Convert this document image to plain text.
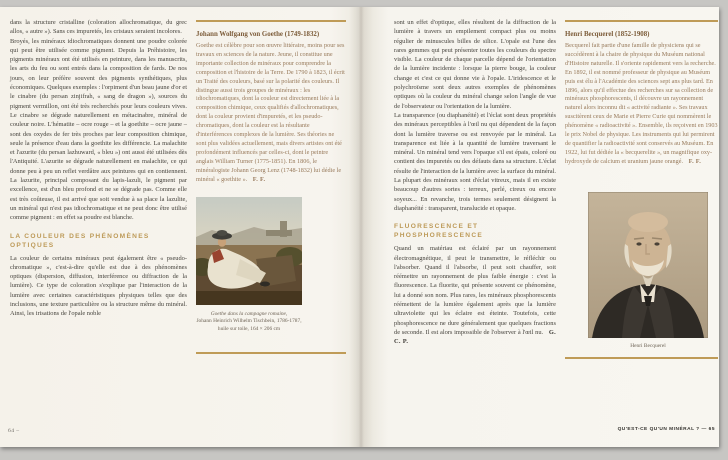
dans la structure cristalline (coloration allochromatique, du grec allos, « autre »). Sans ces impuretés, les cristaux seraient incolores.

Broyés, les minéraux idiochromatiques donnent une poudre colorée qui peut être utilisée comme pigment. Depuis la Préhistoire, les pigments minéraux ont été utilisés en peinture, dans les manuscrits, les arts du feu ou sont entrés dans la composition de fards. De nos jours, on leur préfère souvent des pigments synthétiques, plus économiques. Quelques exemples : l'orpiment d'un beau jaune d'or et le cinabre (du persan zinjifrah, « sang de dragon »), sources du pigment vermillon, ont été très recherchés pour leurs couleurs vives. Le cinabre se dégrade naturellement en métacinabre, minéral de couleur noire. L'hématite – ocre rouge – et la goethite – ocre jaune – sont des oxydes de fer très proches par leur composition chimique, seule la présence d'eau dans la goethite les différencie. La malachite et l'azurite (du persan lazhuward, « bleu ») ont aussi été utilisées dès l'Antiquité. L'azurite se dégrade naturellement en malachite, ce qui donne peu à peu un reflet verdâtre aux peintures qui en contiennent. La lazurite, principal composant du lapis-lazuli, le pigment par excellence, est d'un bleu profond et ne se dégrade pas. Comme elle est très coûteuse, il est arrivé que soit vendue à sa place la lazulite, un minéral qui n'est pas idiochromatique et ne peut donc être utilisé comme pigment : en effet sa poudre est blanche.

LA COULEUR DES PHÉNOMÈNES OPTIQUES

La couleur de certains minéraux peut également être « pseudo-chromatique », c'est-à-dire qu'elle est due à des phénomènes optiques (dispersion, diffusion, interférence ou diffraction de la lumière). Ce type de coloration s'explique par l'interaction de la lumière avec certaines caractéristiques physiques telles que des inclusions, une texture particulière ou la structure même du minéral. Ainsi, les irisations de l'opale noble

Johann Wolfgang von Goethe (1749-1832)

Goethe est célèbre pour son œuvre littéraire, moins pour ses travaux en sciences de la nature. Jeune, il constitue une importante collection de minéraux pour comprendre la composition et l'histoire de la Terre. De 1790 à 1823, il écrit un Traité des couleurs, basé sur la polarité des couleurs. Il distingue aussi trois groupes de minéraux : les idiochromatiques, dont la couleur est directement liée à la composition chimique, ceux qualifiés d'allochromatiques, dont la couleur provient d'impuretés, et les pseudo-chromatiques, dont la couleur est la résultante d'interférences complexes de la lumière. Ses théories ne sont plus validées actuellement, mais divers artistes ont été profondément influencés par celles-ci, dont le peintre anglais William Turner (1775-1851). En 1806, le minéralogiste Johann Georg Lenz (1748-1832) lui dédie le minéral « goethite ». F. F.

Goethe dans la campagne romaine,
Johann Heinrich Wilhelm Tischbein, 1786-1787,
huile sur toile, 164 × 206 cm

sont un effet d'optique, elles résultent de la diffraction de la lumière à travers un empilement compact plus ou moins régulier de minuscules billes de silice. L'opale est l'une des rares gemmes qui peut présenter toutes les couleurs du spectre visible. La couleur de chaque parcelle dépend de l'orientation de la lumière incidente : lorsque la pierre bouge, la couleur change et c'est ce qui donne vie à l'opale. L'iridescence et le polychroïsme sont deux autres exemples de phénomènes optiques où la couleur du minéral change selon l'angle de vue de l'observateur ou l'orientation de la lumière.

La transparence (ou diaphanéité) et l'éclat sont deux propriétés des minéraux perceptibles à l'œil nu qui dépendent de la façon dont la lumière traverse ou est renvoyée par le minéral. La transparence est liée à la quantité de lumière traversant le minéral. Un minéral tend vers l'opaque s'il est épais, coloré ou contient des impuretés ou des défauts dans sa structure. L'éclat résulte de l'interaction de la lumière avec la surface du minéral. La plupart des minéraux sont d'éclat vitreux, mais il en existe beaucoup d'autres sortes : terreux, perlé, cireux ou encore soyeux... En revanche, trois termes seulement désignent la diaphanéité : transparent, translucide et opaque.

FLUORESCENCE ET PHOSPHORESCENCE

Quand un matériau est éclairé par un rayonnement électromagnétique, il peut le transmettre, le réfléchir ou l'absorber. Quand il l'absorbe, il peut soit chauffer, soit réémettre un rayonnement de plus faible énergie : c'est la fluorescence. La fluorite, qui présente souvent ce phénomène, lui a donné son nom. Plus rares, les minéraux phosphorescents réémettent de la lumière également après que la lumière ultraviolette qui les éclaire est éteinte. Toutefois, cette phosphorescence ne dure généralement que quelques fractions de seconde. Il est alors impossible de l'observer à l'œil nu. G. C. P.

Henri Becquerel (1852-1908)

Becquerel fait partie d'une famille de physiciens qui se succédèrent à la chaire de physique du Muséum national d'Histoire naturelle. Il s'oriente rapidement vers la recherche. En 1892, il est nommé professeur de physique au Muséum puis est élu à l'Académie des sciences sept ans plus tard. En 1896, alors qu'il effectue des recherches sur sa collection de minéraux phosphorescents, il découvre un rayonnement naturel alors inconnu dit « activité radiante ». Ses travaux suscitèrent ceux de Marie et Pierre Curie qui nommèrent le phénomène « radioactivité ». Ensemble, ils reçoivent en 1903 le prix Nobel de physique. Les instruments qui lui permirent de quantifier la radioactivité sont conservés au Muséum. En 1922, lui fut dédiée la « becquerelite », un magnifique oxy-hydroxyde de calcium et uranium jaune orangé. F. F.

Henri Becquerel
64 –	QU'EST-CE QU'UN MINÉRAL ? — 65
